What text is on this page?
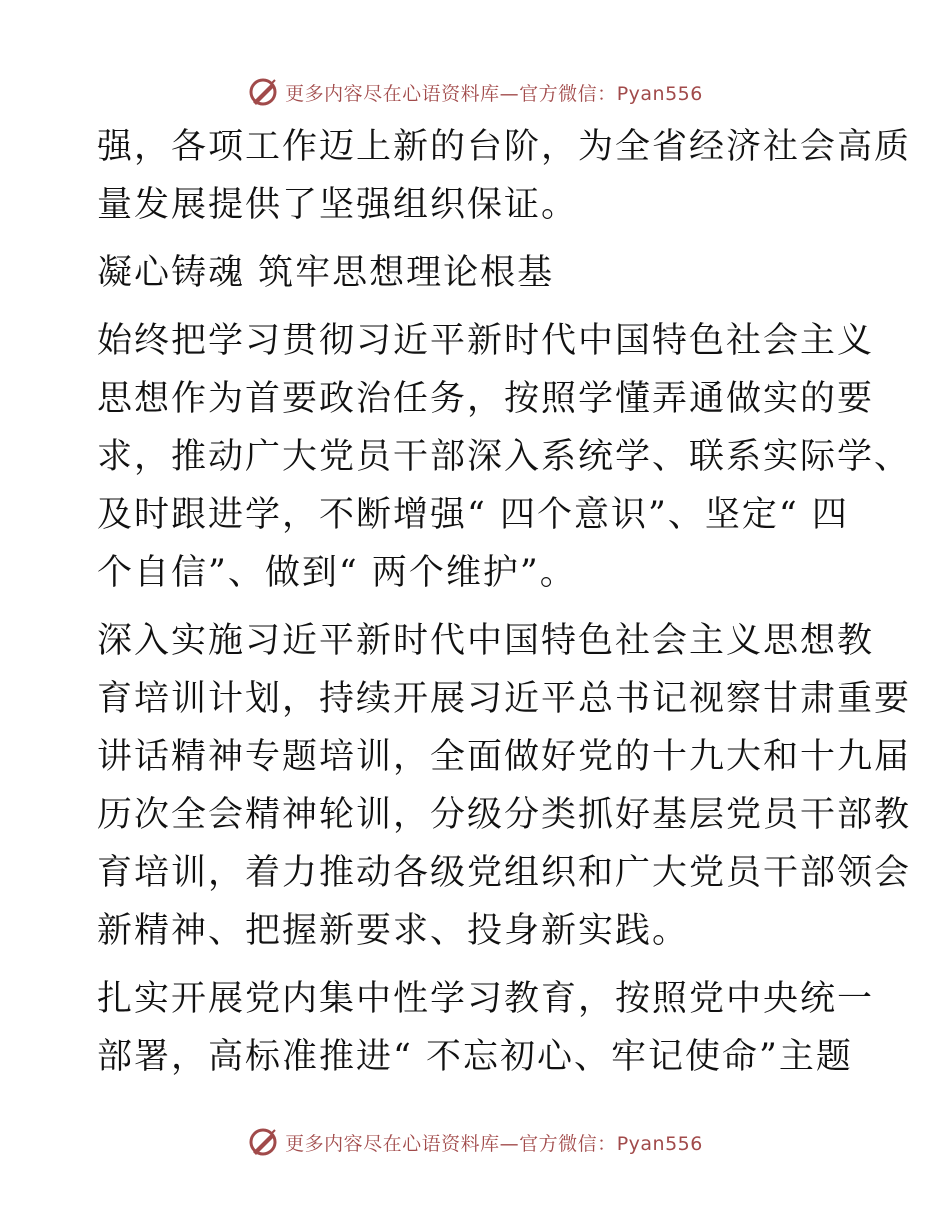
更多内容尽在心语资料库—官方微信：Pyan556
强，各项工作迈上新的台阶，为全省经济社会高质
量发展提供了坚强组织保证。
凝心铸魂 筑牢思想理论根基
始终把学习贯彻习近平新时代中国特色社会主义
思想作为首要政治任务，按照学懂弄通做实的要
求，推动广大党员干部深入系统学、联系实际学、
及时跟进学，不断增强“ 四个意识”、坚定“ 四
个自信”、做到“ 两个维护”。
深入实施习近平新时代中国特色社会主义思想教
育培训计划，持续开展习近平总书记视察甘肃重要
讲话精神专题培训，全面做好党的十九大和十九届
历次全会精神轮训，分级分类抓好基层党员干部教
育培训，着力推动各级党组织和广大党员干部领会
新精神、把握新要求、投身新实践。
扎实开展党内集中性学习教育，按照党中央统一
部署，高标准推进“ 不忘初心、牢记使命”主题
更多内容尽在心语资料库—官方微信：Pyan556
